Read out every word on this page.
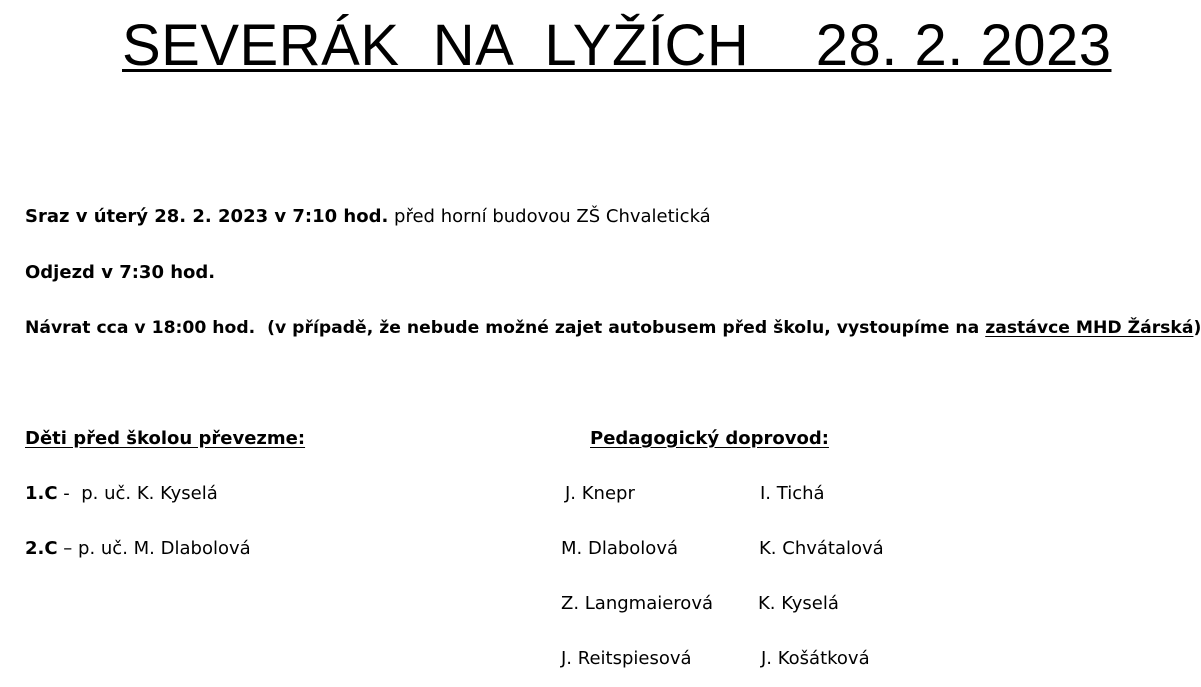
SEVERÁK  NA  LYŽÍCH    28. 2. 2023
Sraz v úterý 28. 2. 2023 v 7:10 hod. před horní budovou ZŠ Chvaletická
Odjezd v 7:30 hod.
Návrat cca v 18:00 hod.  (v případě, že nebude možné zajet autobusem před školu, vystoupíme na zastávce MHD Žárská)
Děti před školou převezme:
1.C -  p. uč. K. Kyselá
2.C – p. uč. M. Dlabolová
Pedagogický doprovod:
J. Knepr
M. Dlabolová
Z. Langmaierová
J. Reitspiesová
I. Tichá
K. Chvátalová
K. Kyselá
J. Košátková
